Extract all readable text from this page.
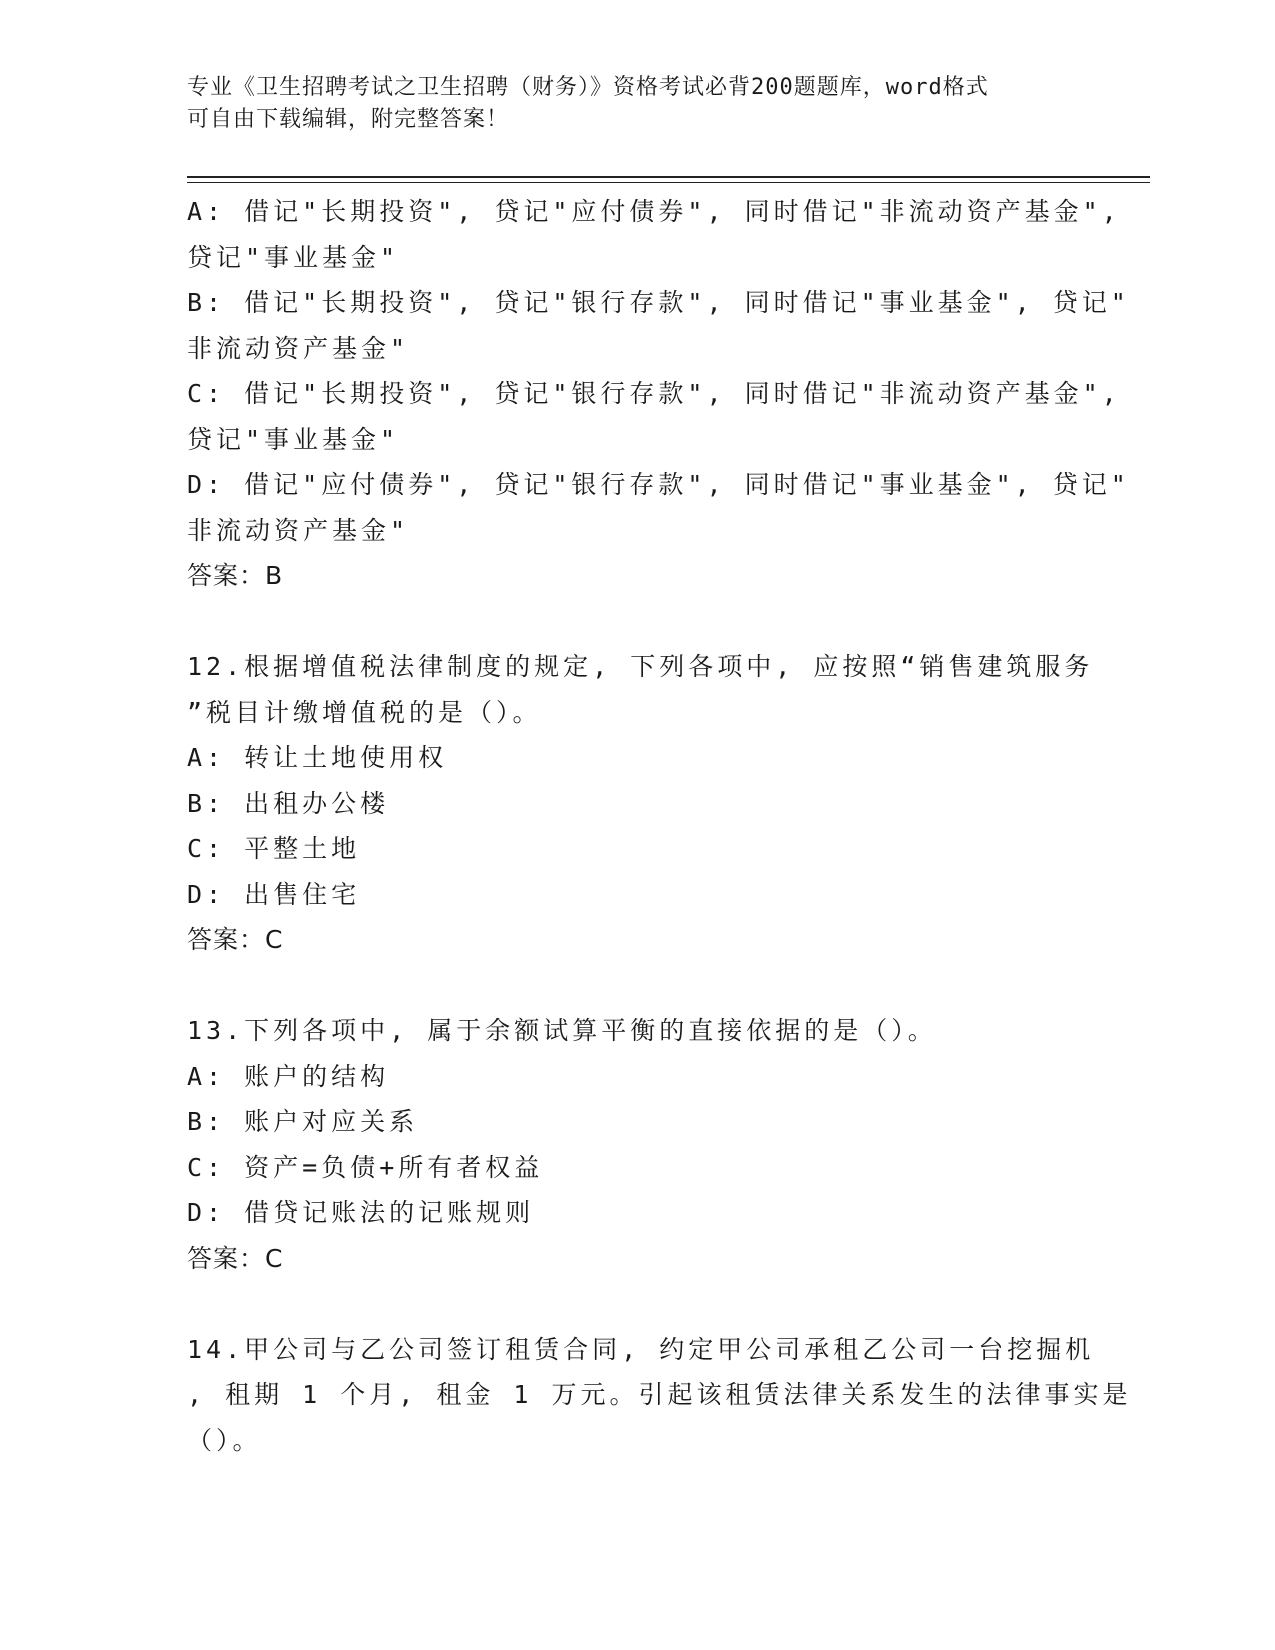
专业《卫生招聘考试之卫生招聘（财务）》资格考试必背200题题库，word格式
可自由下载编辑，附完整答案！
A: 借记"长期投资", 贷记"应付债券", 同时借记"非流动资产基金",
贷记"事业基金"
B: 借记"长期投资", 贷记"银行存款", 同时借记"事业基金", 贷记"
非流动资产基金"
C: 借记"长期投资", 贷记"银行存款", 同时借记"非流动资产基金",
贷记"事业基金"
D: 借记"应付债券", 贷记"银行存款", 同时借记"事业基金", 贷记"
非流动资产基金"
答案：B
12.根据增值税法律制度的规定, 下列各项中, 应按照“销售建筑服务
”税目计缴增值税的是（）。
A: 转让土地使用权
B: 出租办公楼
C: 平整土地
D: 出售住宅
答案：C
13.下列各项中, 属于余额试算平衡的直接依据的是（）。
A: 账户的结构
B: 账户对应关系
C: 资产=负债+所有者权益
D: 借贷记账法的记账规则
答案：C
14.甲公司与乙公司签订租赁合同, 约定甲公司承租乙公司一台挖掘机
, 租期 1 个月, 租金 1 万元。引起该租赁法律关系发生的法律事实是
（）。
